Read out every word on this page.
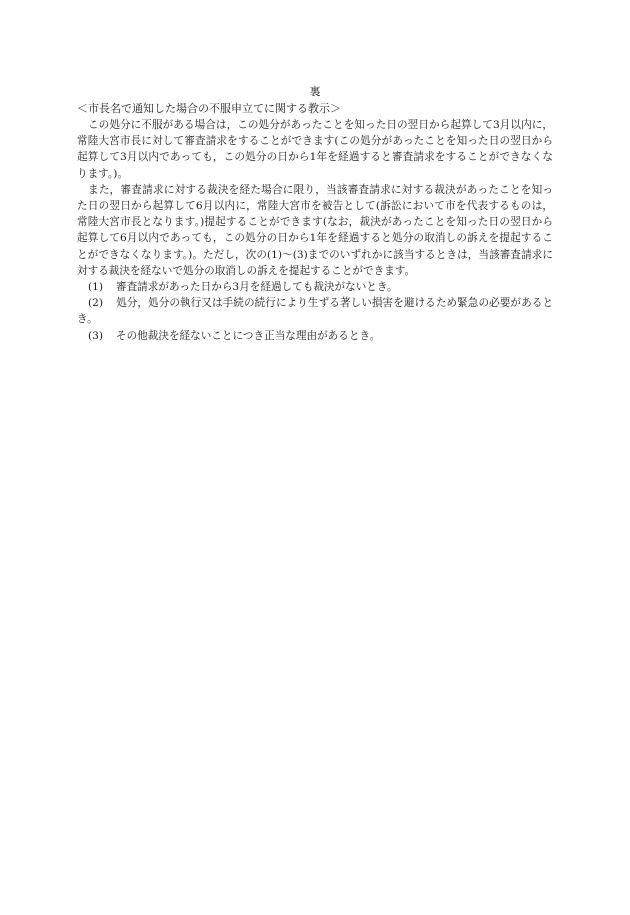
裏

＜市長名で通知した場合の不服申立てに関する教示＞

この処分に不服がある場合は，この処分があったことを知った日の翌日から起算して3月以内に，常陸大宮市長に対して審査請求をすることができます(この処分があったことを知った日の翌日から起算して3月以内であっても，この処分の日から1年を経過すると審査請求をすることができなくなります。)。

また，審査請求に対する裁決を経た場合に限り，当該審査請求に対する裁決があったことを知った日の翌日から起算して6月以内に，常陸大宮市を被告として(訴訟において市を代表するものは，常陸大宮市長となります。)提起することができます(なお，裁決があったことを知った日の翌日から起算して6月以内であっても，この処分の日から1年を経過すると処分の取消しの訴えを提起することができなくなります。)。ただし，次の(1)～(3)までのいずれかに該当するときは，当該審査請求に対する裁決を経ないで処分の取消しの訴えを提起することができます。

(1) 審査請求があった日から3月を経過しても裁決がないとき。

(2) 処分，処分の執行又は手続の続行により生ずる著しい損害を避けるため緊急の必要があるとき。

(3) その他裁決を経ないことにつき正当な理由があるとき。
